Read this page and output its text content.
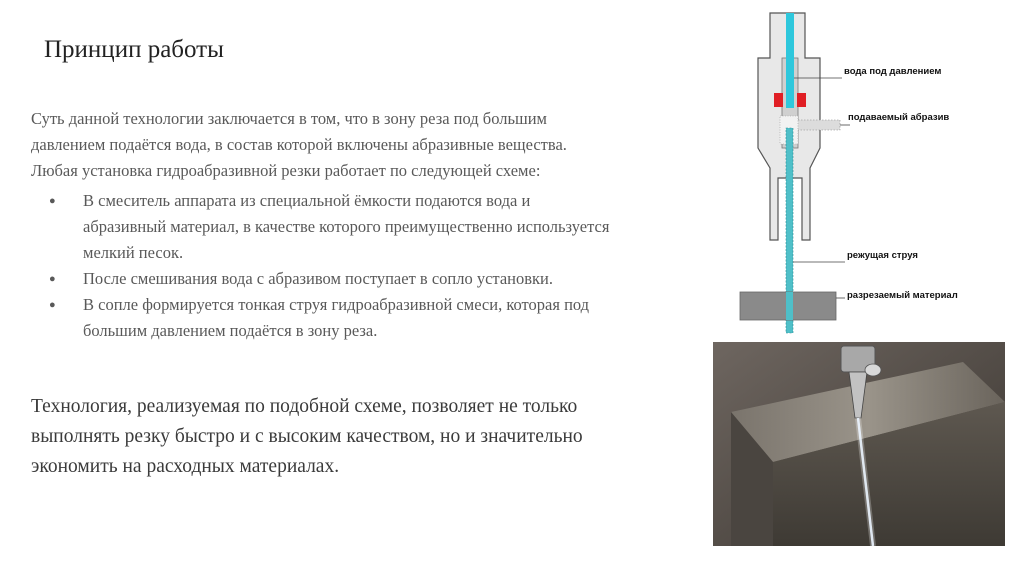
Принцип работы

Суть данной технологии заключается в том, что в зону реза под большим
давлением подаётся вода, в состав которой включены абразивные вещества.
Любая установка гидроабразивной резки работает по следующей схеме:

● В смеситель аппарата из специальной ёмкости подаются вода и
абразивный материал, в качестве которого преимущественно используется
мелкий песок.
● После смешивания вода с абразивом поступает в сопло установки.
● В сопле формируется тонкая струя гидроабразивной смеси, которая под
большим давлением подаётся в зону реза.

Технология, реализуемая по подобной схеме, позволяет не только
выполнять резку быстро и с высоким качеством, но и значительно
экономить на расходных материалах.

вода под давлением
подаваемый абразив
режущая струя
разрезаемый материал
